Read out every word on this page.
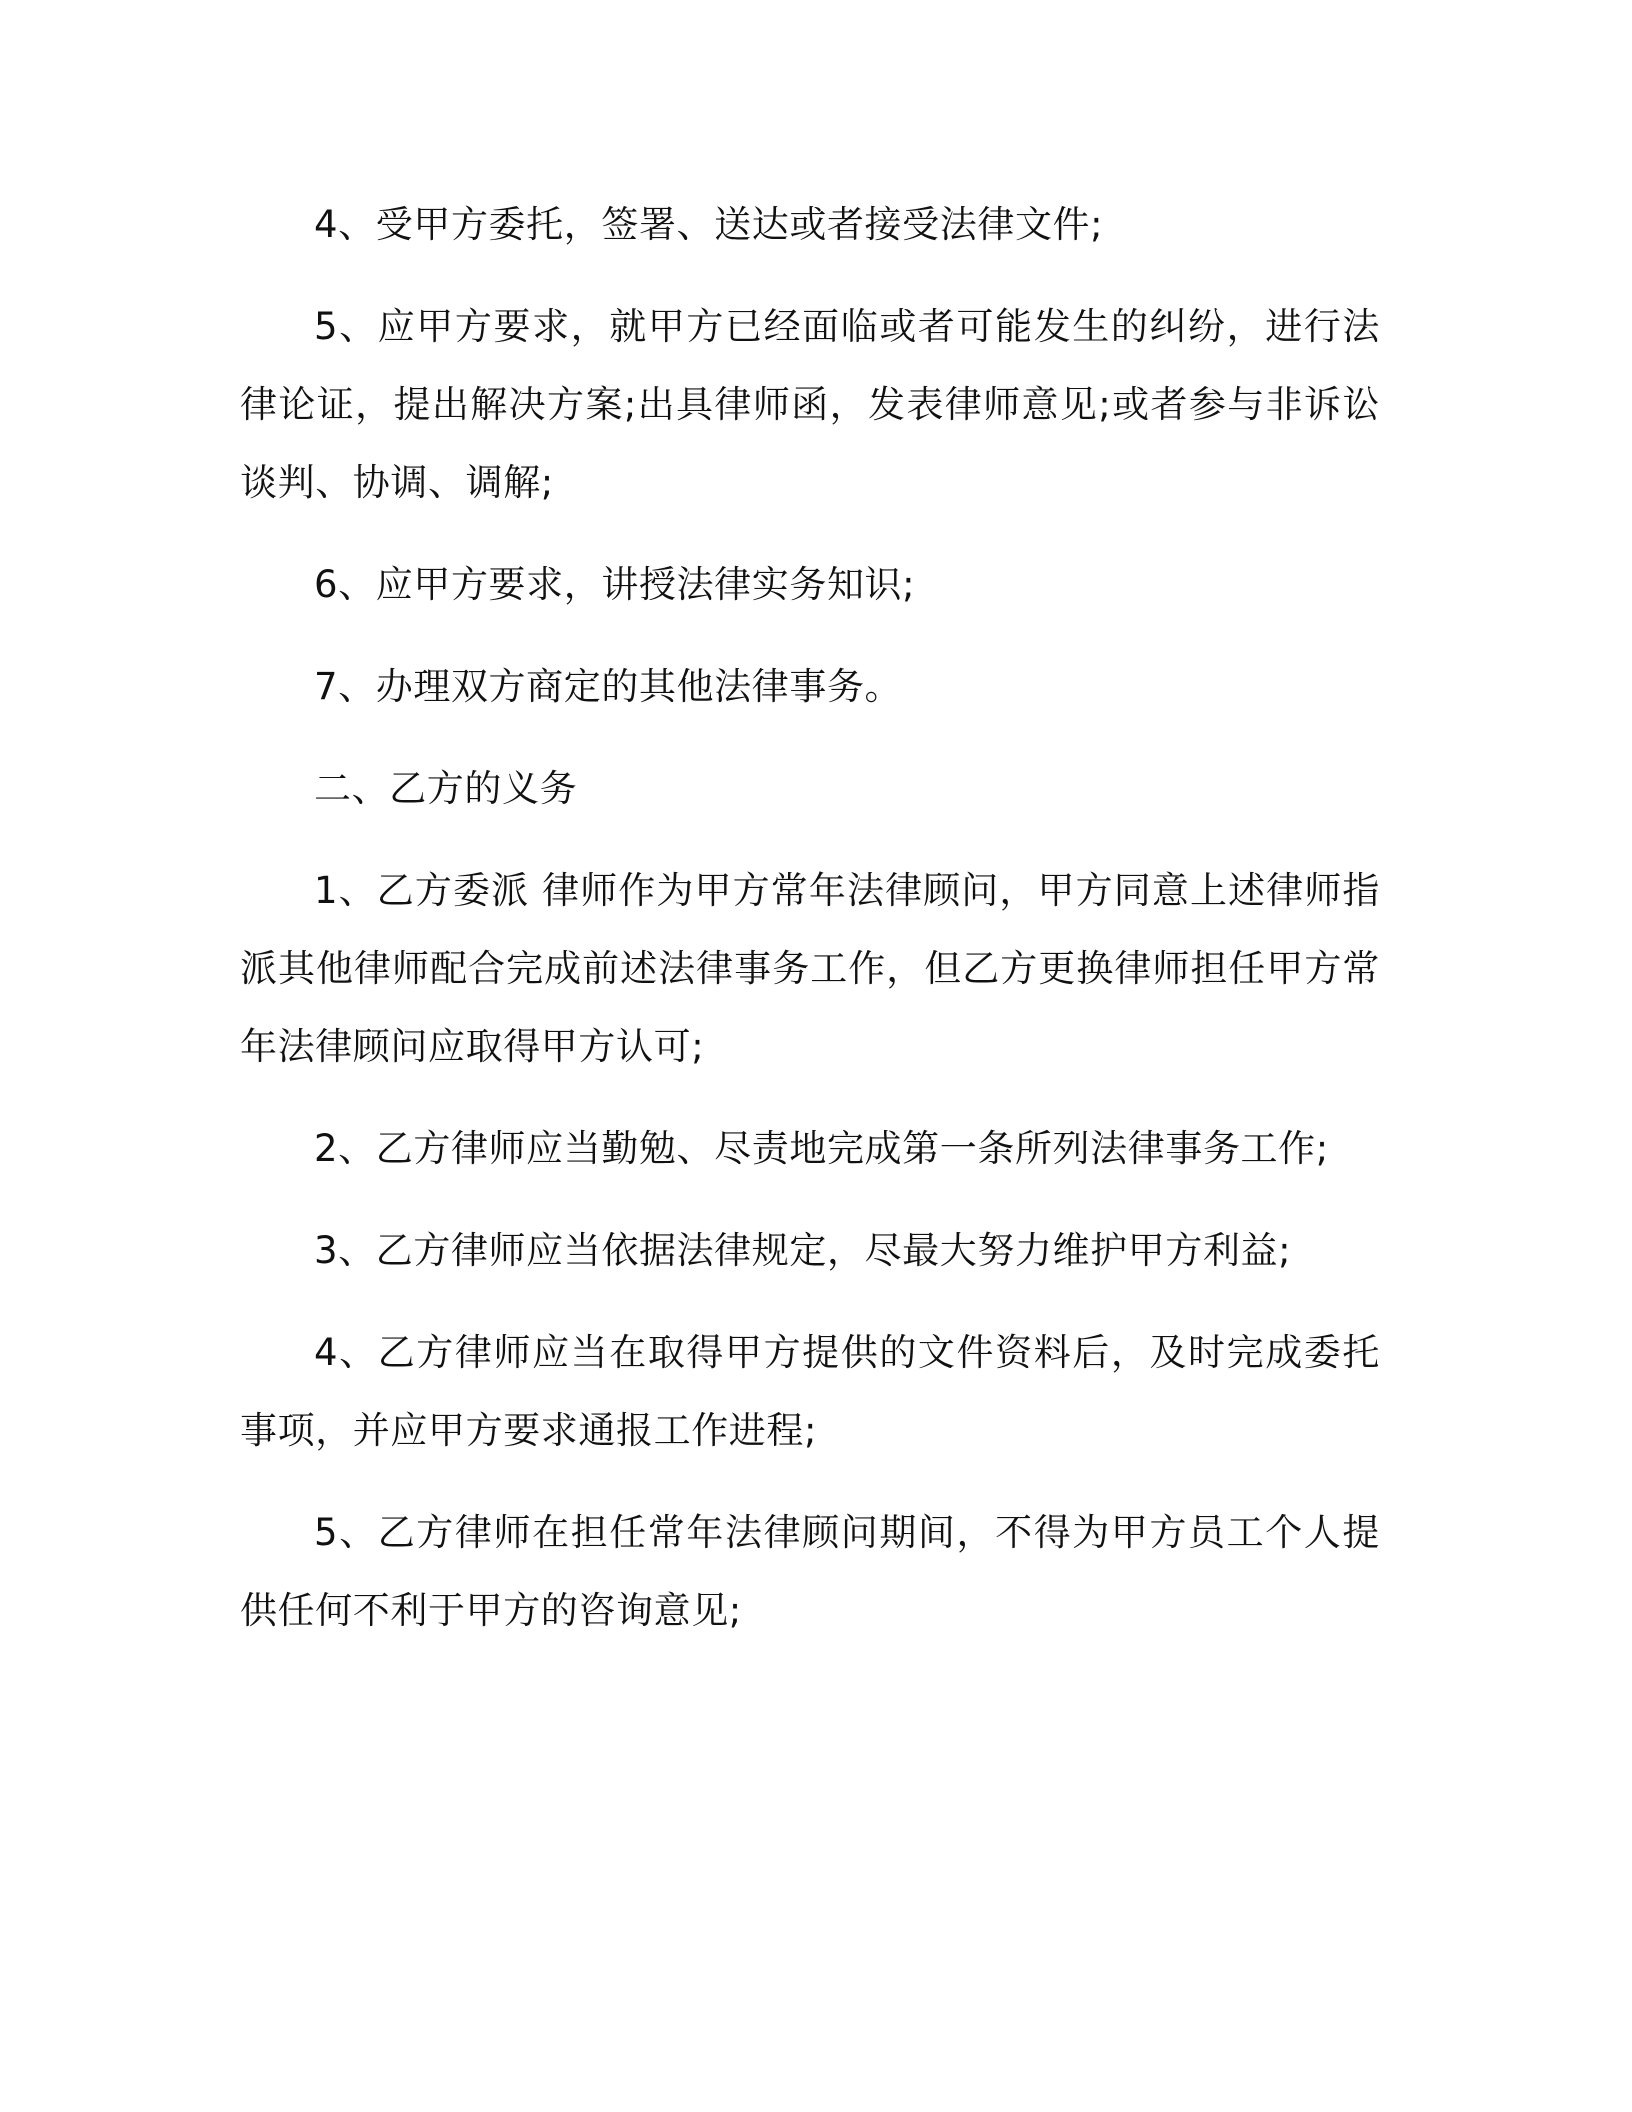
4、受甲方委托，签署、送达或者接受法律文件;

5、应甲方要求，就甲方已经面临或者可能发生的纠纷，进行法律论证，提出解决方案;出具律师函，发表律师意见;或者参与非诉讼谈判、协调、调解;

6、应甲方要求，讲授法律实务知识;

7、办理双方商定的其他法律事务。

二、乙方的义务

1、乙方委派 律师作为甲方常年法律顾问，甲方同意上述律师指派其他律师配合完成前述法律事务工作，但乙方更换律师担任甲方常年法律顾问应取得甲方认可;

2、乙方律师应当勤勉、尽责地完成第一条所列法律事务工作;

3、乙方律师应当依据法律规定，尽最大努力维护甲方利益;

4、乙方律师应当在取得甲方提供的文件资料后，及时完成委托事项，并应甲方要求通报工作进程;

5、乙方律师在担任常年法律顾问期间，不得为甲方员工个人提供任何不利于甲方的咨询意见;
